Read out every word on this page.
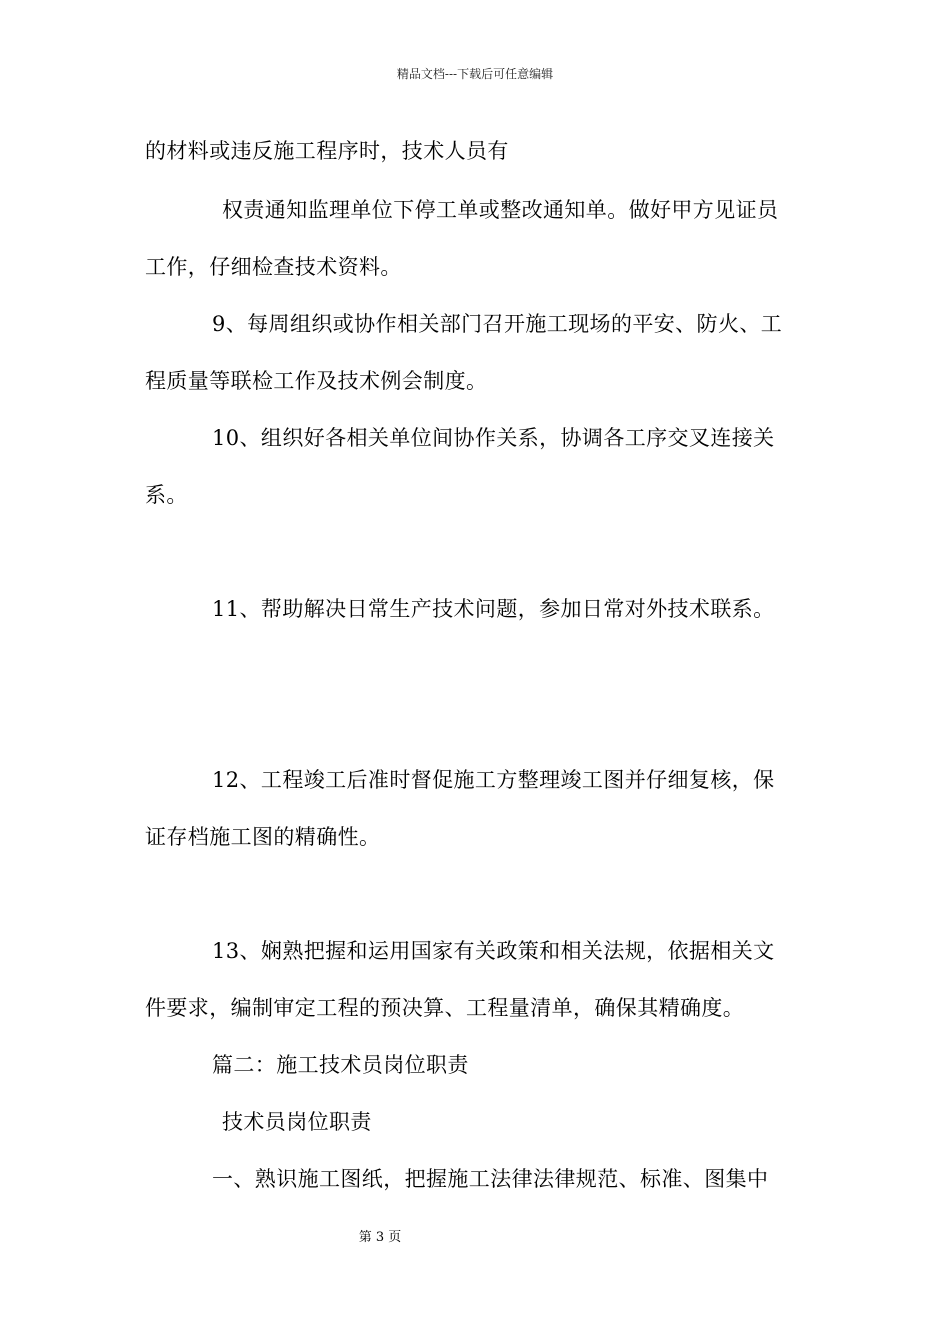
精品文档---下载后可任意编辑
的材料或违反施工程序时，技术人员有
权责通知监理单位下停工单或整改通知单。做好甲方见证员
工作，仔细检查技术资料。
9、每周组织或协作相关部门召开施工现场的平安、防火、工
程质量等联检工作及技术例会制度。
10、组织好各相关单位间协作关系，协调各工序交叉连接关
系。
11、帮助解决日常生产技术问题，参加日常对外技术联系。
12、工程竣工后准时督促施工方整理竣工图并仔细复核，保
证存档施工图的精确性。
13、娴熟把握和运用国家有关政策和相关法规，依据相关文
件要求，编制审定工程的预决算、工程量清单，确保其精确度。
篇二：施工技术员岗位职责
技术员岗位职责
一、熟识施工图纸，把握施工法律法律规范、标准、图集中
第 3 页
